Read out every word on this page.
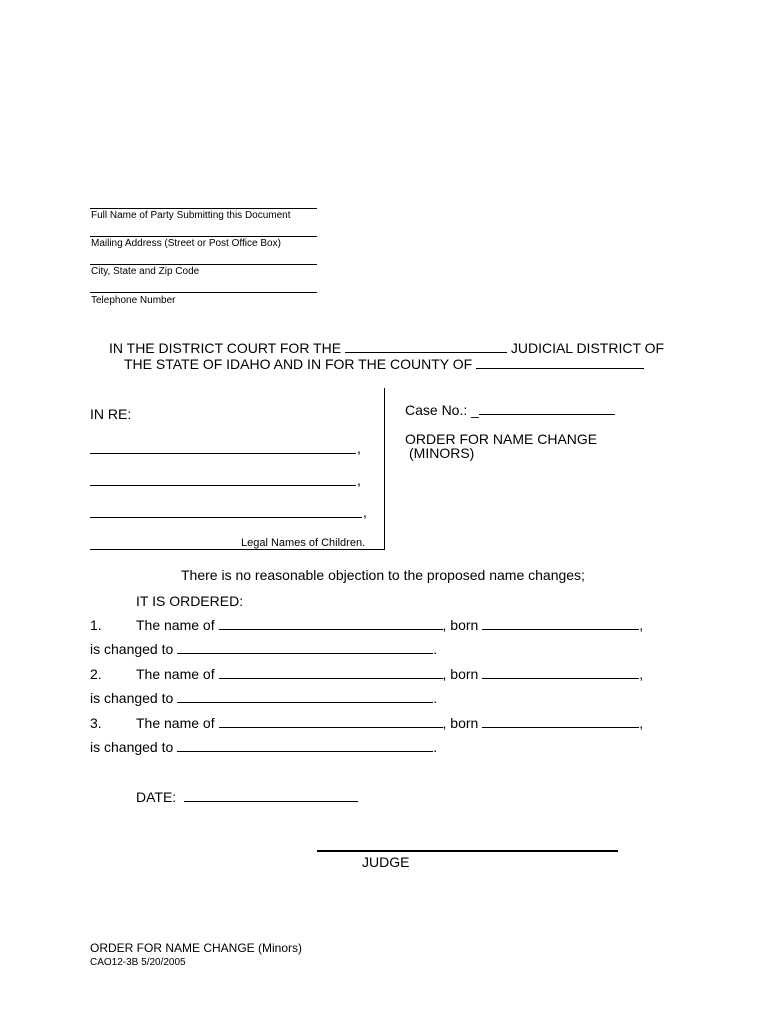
Full Name of Party Submitting this Document
Mailing Address (Street or Post Office Box)
City, State and Zip Code
Telephone Number
IN THE DISTRICT COURT FOR THE	JUDICIAL DISTRICT OF
THE STATE OF IDAHO AND IN FOR THE COUNTY OF
IN RE:
,
,
,
Legal Names of Children.
Case No.: _
ORDER FOR NAME CHANGE
(MINORS)
There is no reasonable objection to the proposed name changes;
IT IS ORDERED:
1. The name of	, born	,
is changed to	.
2. The name of	, born	,
is changed to	.
3. The name of	, born	,
is changed to	.
DATE:
JUDGE
ORDER FOR NAME CHANGE (Minors)
CAO12-3B 5/20/2005
